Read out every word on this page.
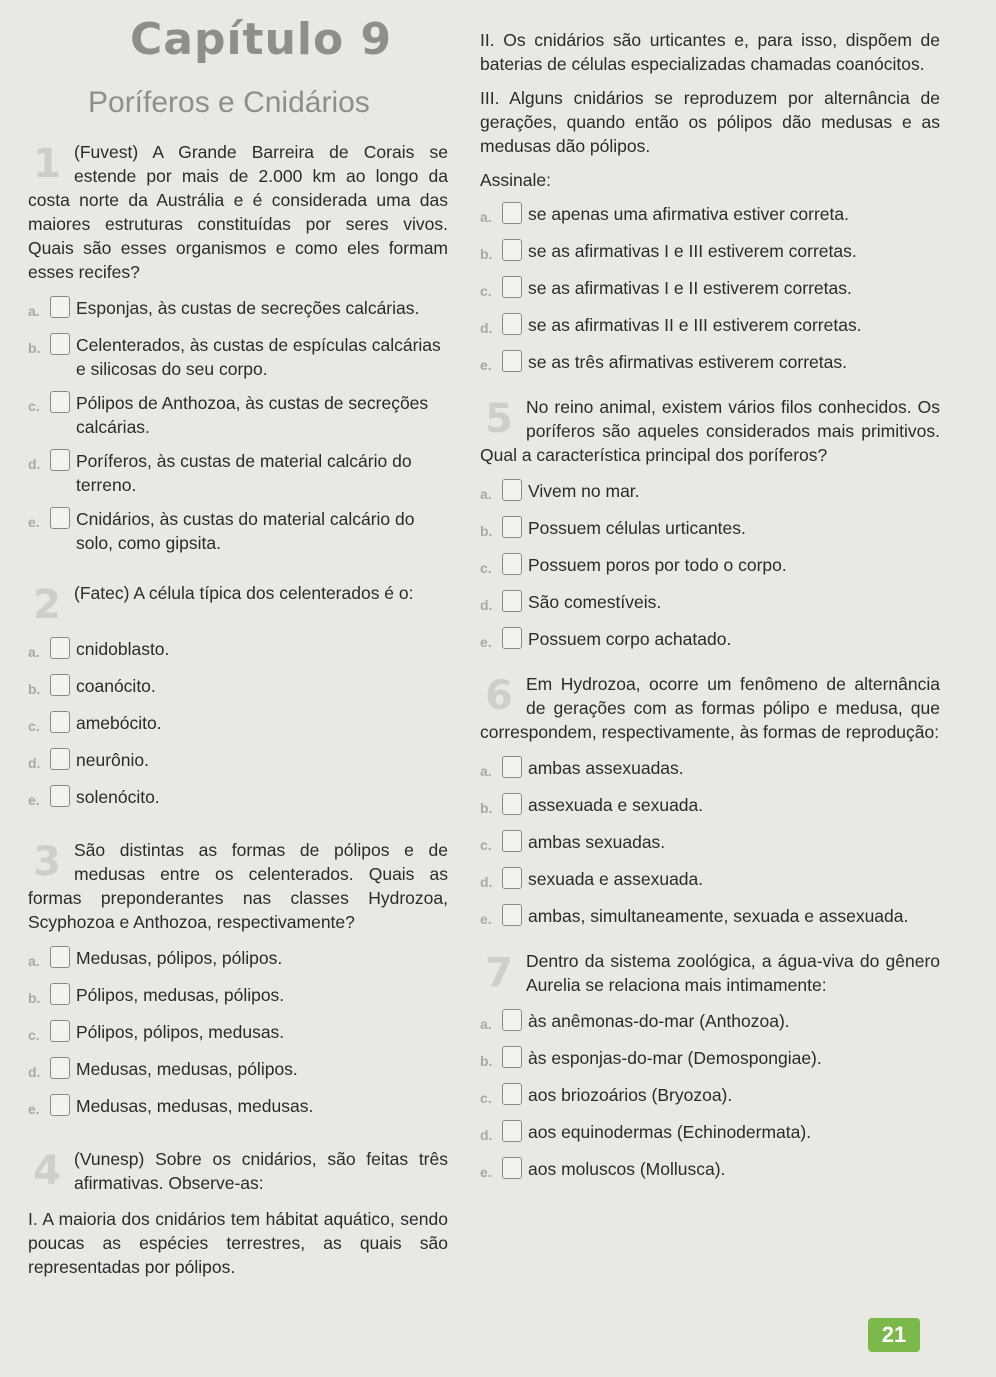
Capítulo 9
Poríferos e Cnidários
1 (Fuvest) A Grande Barreira de Corais se estende por mais de 2.000 km ao longo da costa norte da Austrália e é considerada uma das maiores estruturas constituídas por seres vivos. Quais são esses organismos e como eles formam esses recifes?
a.	Esponjas, às custas de secreções calcárias.
b.	Celenterados, às custas de espículas calcárias e silicosas do seu corpo.
c.	Pólipos de Anthozoa, às custas de secreções calcárias.
d.	Poríferos, às custas de material calcário do terreno.
e.	Cnidários, às custas do material calcário do solo, como gipsita.
2 (Fatec) A célula típica dos celenterados é o:
a.	cnidoblasto.
b.	coanócito.
c.	amebócito.
d.	neurônio.
e.	solenócito.
3 São distintas as formas de pólipos e de medusas entre os celenterados. Quais as formas preponderantes nas classes Hydrozoa, Scyphozoa e Anthozoa, respectivamente?
a.	Medusas, pólipos, pólipos.
b.	Pólipos, medusas, pólipos.
c.	Pólipos, pólipos, medusas.
d.	Medusas, medusas, pólipos.
e.	Medusas, medusas, medusas.
4 (Vunesp) Sobre os cnidários, são feitas três afirmativas. Observe-as:
I. A maioria dos cnidários tem hábitat aquático, sendo poucas as espécies terrestres, as quais são representadas por pólipos.
II. Os cnidários são urticantes e, para isso, dispõem de baterias de células especializadas chamadas coanócitos.
III. Alguns cnidários se reproduzem por alternância de gerações, quando então os pólipos dão medusas e as medusas dão pólipos.
Assinale:
a.	se apenas uma afirmativa estiver correta.
b.	se as afirmativas I e III estiverem corretas.
c.	se as afirmativas I e II estiverem corretas.
d.	se as afirmativas II e III estiverem corretas.
e.	se as três afirmativas estiverem corretas.
5 No reino animal, existem vários filos conhecidos. Os poríferos são aqueles considerados mais primitivos. Qual a característica principal dos poríferos?
a.	Vivem no mar.
b.	Possuem células urticantes.
c.	Possuem poros por todo o corpo.
d.	São comestíveis.
e.	Possuem corpo achatado.
6 Em Hydrozoa, ocorre um fenômeno de alternância de gerações com as formas pólipo e medusa, que correspondem, respectivamente, às formas de reprodução:
a.	ambas assexuadas.
b.	assexuada e sexuada.
c.	ambas sexuadas.
d.	sexuada e assexuada.
e.	ambas, simultaneamente, sexuada e assexuada.
7 Dentro da sistema zoológica, a água-viva do gênero Aurelia se relaciona mais intimamente:
a.	às anêmonas-do-mar (Anthozoa).
b.	às esponjas-do-mar (Demospongiae).
c.	aos briozoários (Bryozoa).
d.	aos equinodermas (Echinodermata).
e.	aos moluscos (Mollusca).
21
